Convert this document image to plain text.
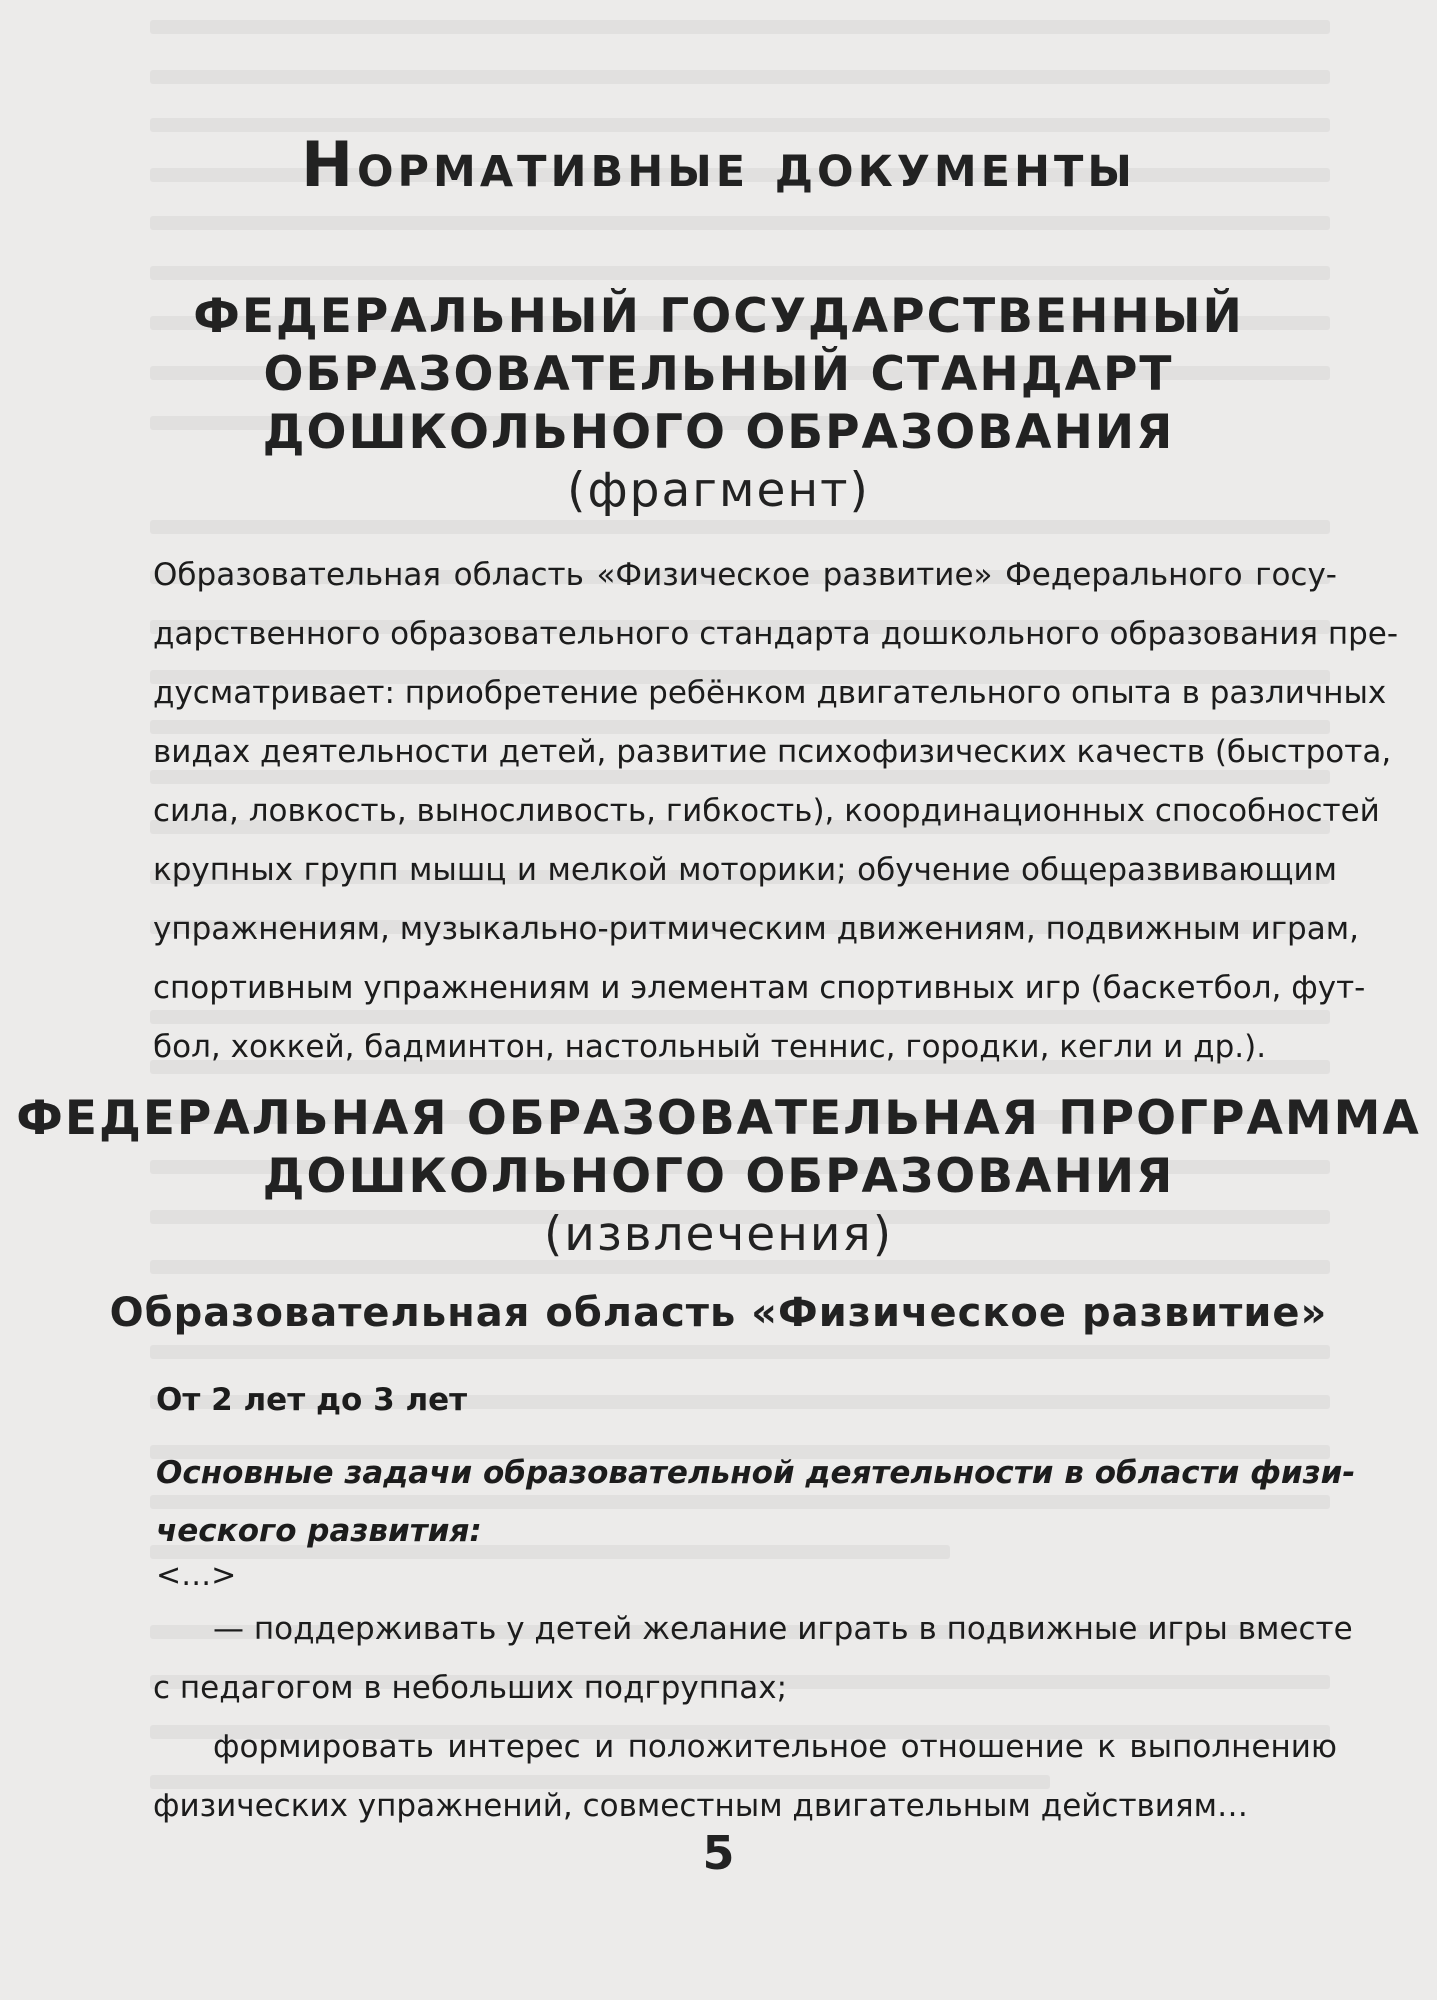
Нормативные документы
ФЕДЕРАЛЬНЫЙ ГОСУДАРСТВЕННЫЙ
ОБРАЗОВАТЕЛЬНЫЙ СТАНДАРТ
ДОШКОЛЬНОГО ОБРАЗОВАНИЯ
(фрагмент)

Образовательная область «Физическое развитие» Федерального госу-
дарственного образовательного стандарта дошкольного образования пре-
дусматривает: приобретение ребёнком двигательного опыта в различных
видах деятельности детей, развитие психофизических качеств (быстрота,
сила, ловкость, выносливость, гибкость), координационных способностей
крупных групп мышц и мелкой моторики; обучение общеразвивающим
упражнениям, музыкально-ритмическим движениям, подвижным играм,
спортивным упражнениям и элементам спортивных игр (баскетбол, фут-
бол, хоккей, бадминтон, настольный теннис, городки, кегли и др.).

ФЕДЕРАЛЬНАЯ ОБРАЗОВАТЕЛЬНАЯ ПРОГРАММА
ДОШКОЛЬНОГО ОБРАЗОВАНИЯ
(извлечения)
Образовательная область «Физическое развитие»
От 2 лет до 3 лет

Основные задачи образовательной деятельности в области физи-
ческого развития:

<…>

— поддерживать у детей желание играть в подвижные игры вместе
с педагогом в небольших подгруппах;
формировать интерес и положительное отношение к выполнению
физических упражнений, совместным двигательным действиям…

5
